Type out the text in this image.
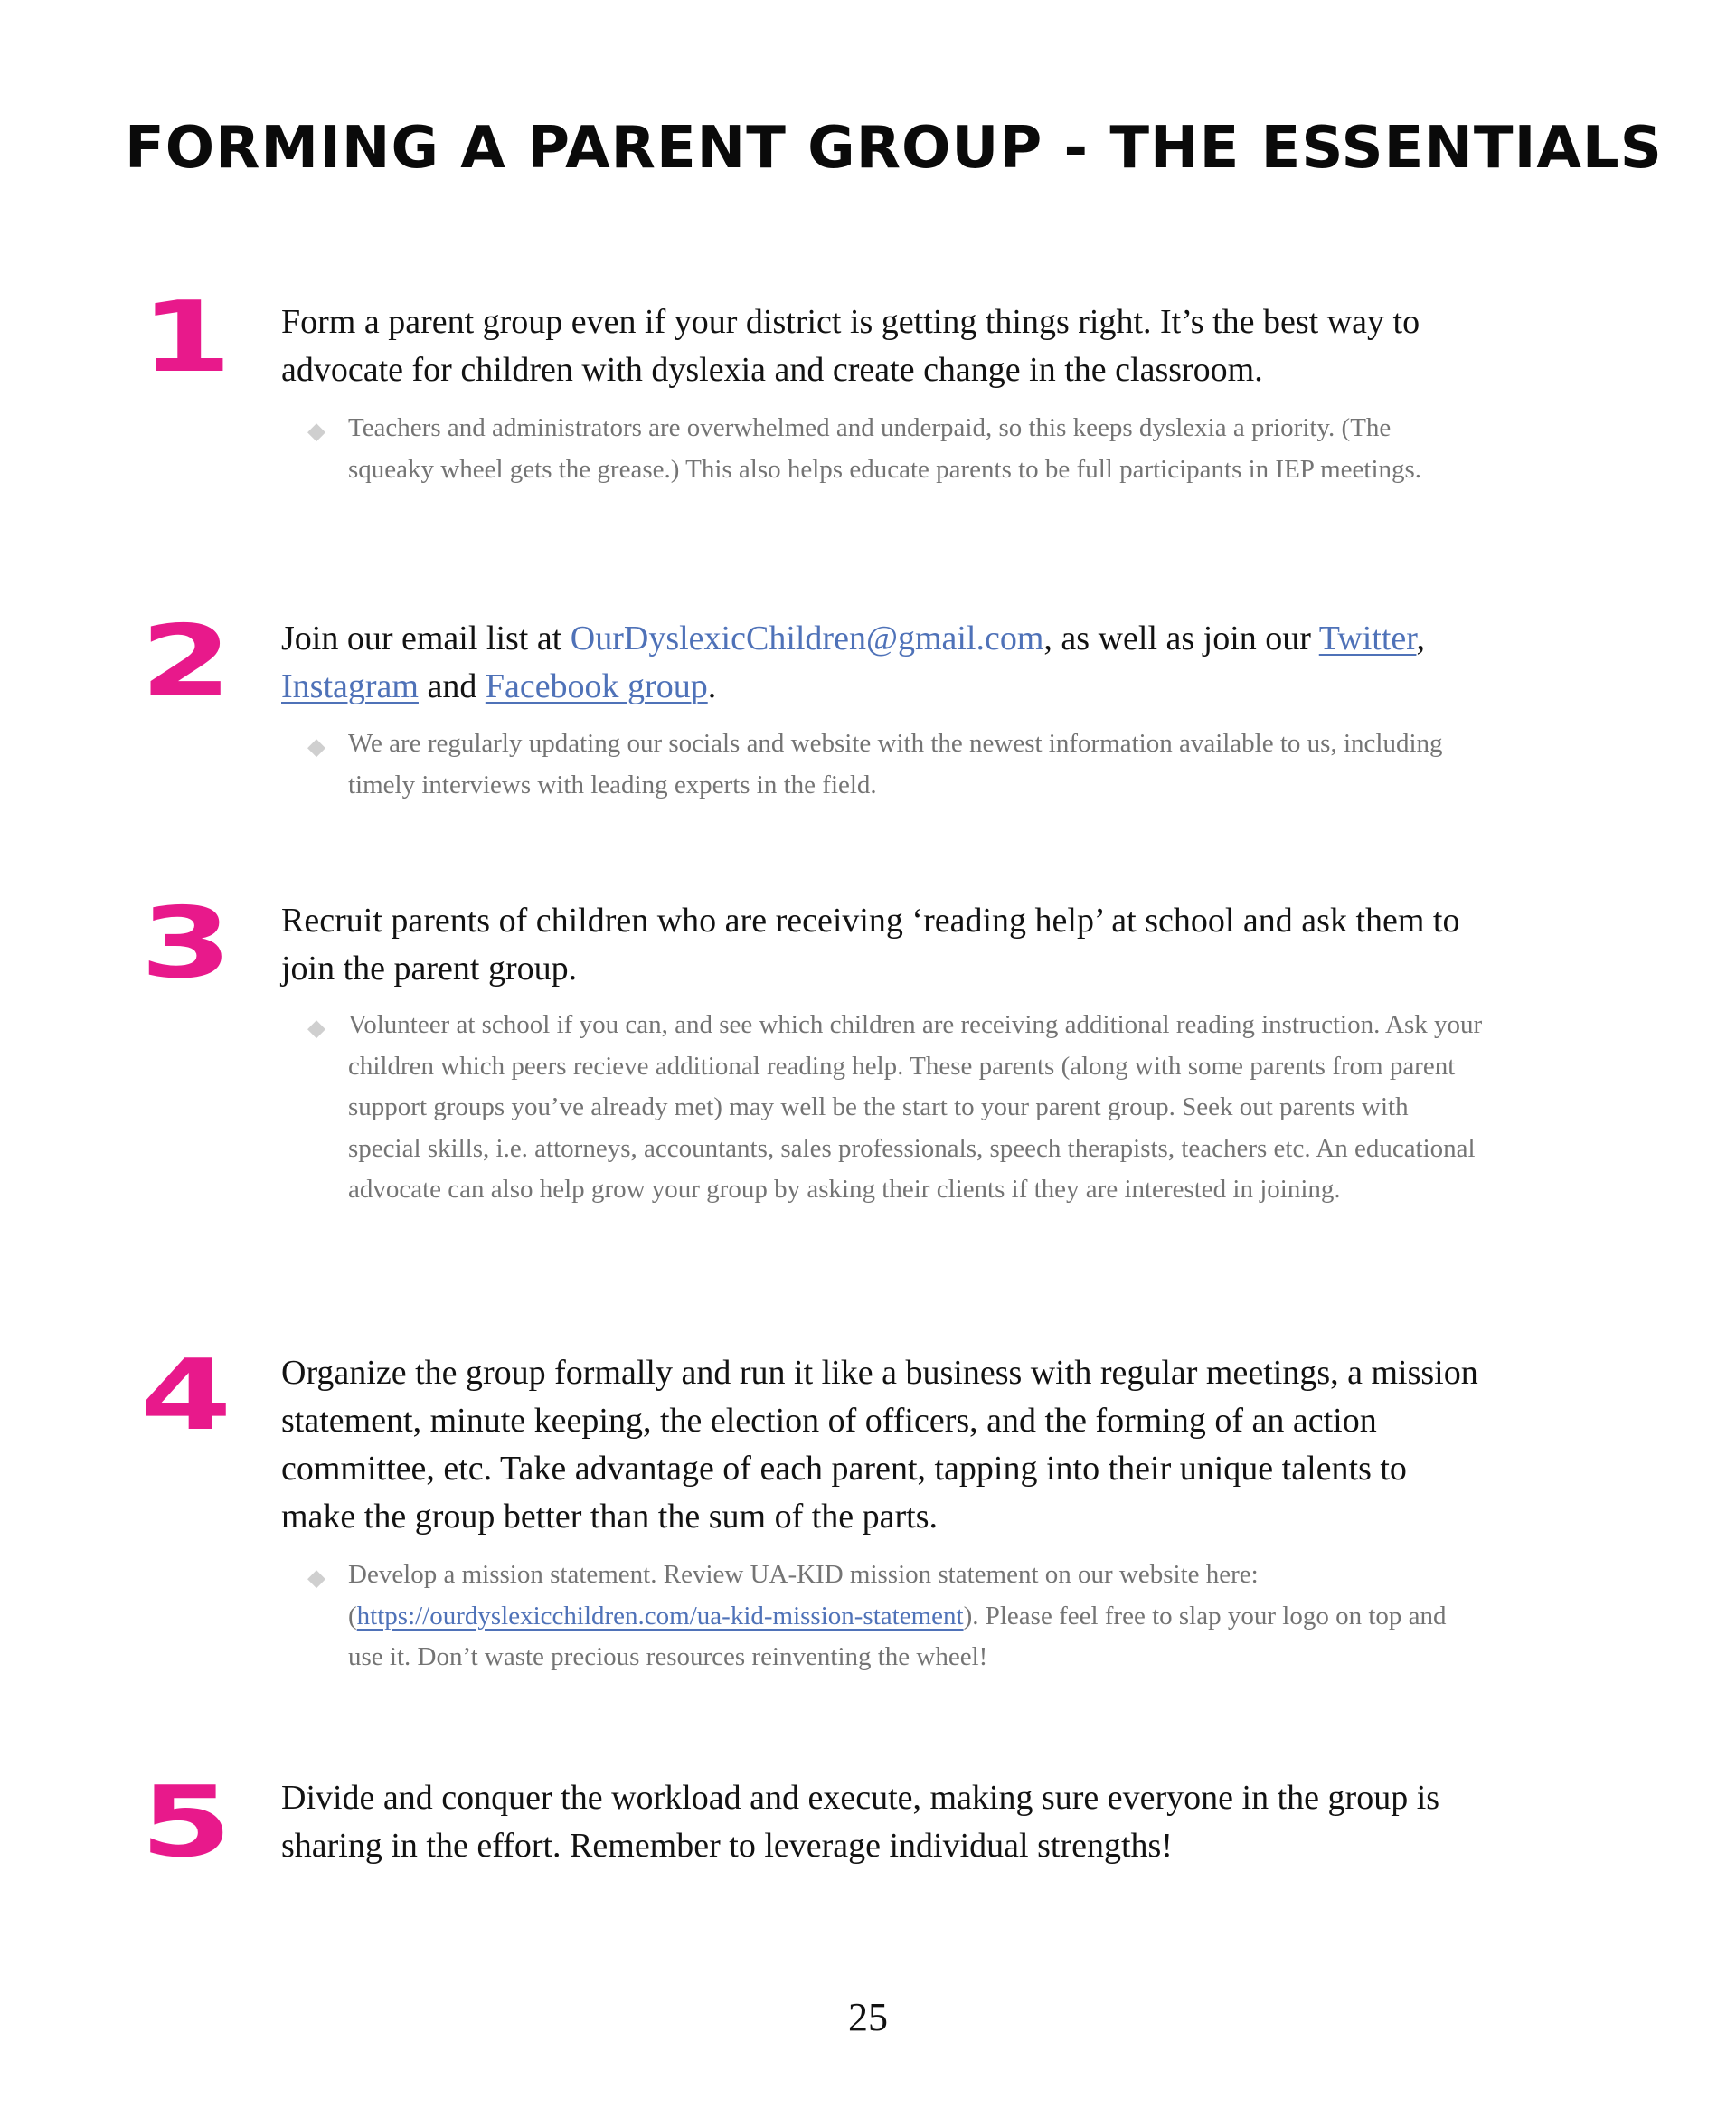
FORMING A PARENT GROUP - THE ESSENTIALS
1	Form a parent group even if your district is getting things right. It’s the best way to advocate for children with dyslexia and create change in the classroom.

◆ Teachers and administrators are overwhelmed and underpaid, so this keeps dyslexia a priority. (The squeaky wheel gets the grease.) This also helps educate parents to be full participants in IEP meetings.
2	Join our email list at OurDyslexicChildren@gmail.com, as well as join our Twitter, Instagram and Facebook group.

◆ We are regularly updating our socials and website with the newest information available to us, including timely interviews with leading experts in the field.
3	Recruit parents of children who are receiving ‘reading help’ at school and ask them to join the parent group.

◆ Volunteer at school if you can, and see which children are receiving additional reading instruction. Ask your children which peers recieve additional reading help. These parents (along with some parents from parent support groups you’ve already met) may well be the start to your parent group. Seek out parents with special skills, i.e. attorneys, accountants, sales professionals, speech therapists, teachers etc. An educational advocate can also help grow your group by asking their clients if they are interested in joining.
4	Organize the group formally and run it like a business with regular meetings, a mission statement, minute keeping, the election of officers, and the forming of an action committee, etc. Take advantage of each parent, tapping into their unique talents to make the group better than the sum of the parts.

◆ Develop a mission statement. Review UA-KID mission statement on our website here: (https://ourdyslexicchildren.com/ua-kid-mission-statement). Please feel free to slap your logo on top and use it. Don’t waste precious resources reinventing the wheel!
5	Divide and conquer the workload and execute, making sure everyone in the group is sharing in the effort. Remember to leverage individual strengths!

25
